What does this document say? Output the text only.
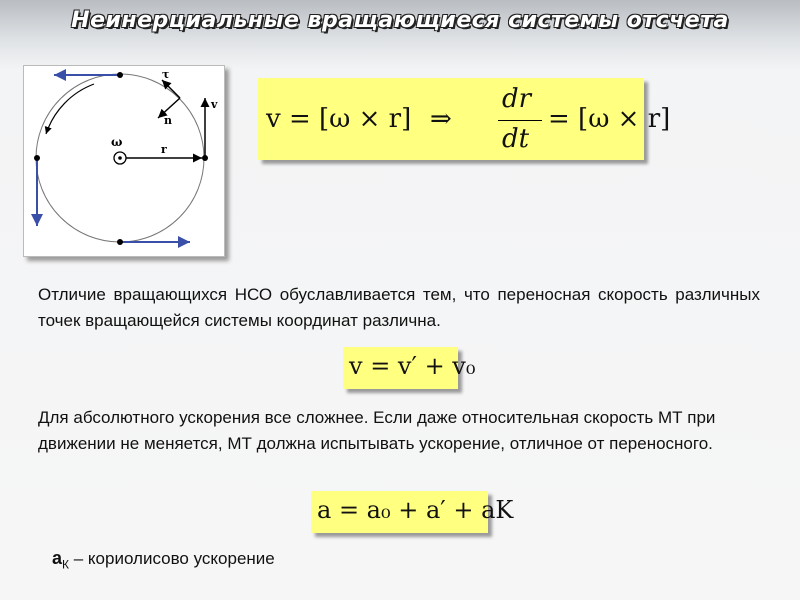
Неинерциальные вращающиеся системы отсчета
τ
n
v
ω
r
v = [ω × r] ⇒
dr
dt
= [ω × r]
Отличие вращающихся НСО обуславливается тем, что переносная скорость различных точек вращающейся системы координат различна.
v = v′ + v₀
Для абсолютного ускорения все сложнее. Если даже относительная скорость МТ при движении не меняется, МТ должна испытывать ускорение, отличное от переносного.
a = a₀ + a′ + aK
$a_К$ – кориолисово ускорение
